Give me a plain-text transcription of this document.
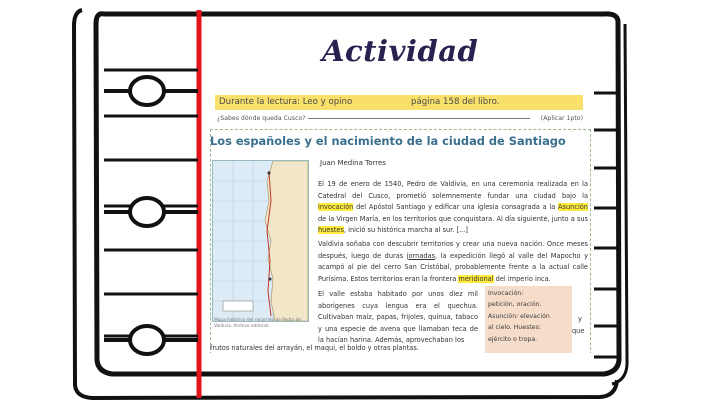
Actividad
Durante la lectura: Leo y opino	página 158 del libro.
¿Sabes dónde queda Cusco?	(Aplicar 1pto)
Los españoles y el nacimiento de la ciudad de Santiago
Mapa histórico del recorrido de Pedro de Valdivia. Archivo editorial.
Juan Medina Torres
El 19 de enero de 1540, Pedro de Valdivia, en una ceremonia realizada en la Catedral del Cusco, prometió solemnemente fundar una ciudad bajo la invocación del Apóstol Santiago y edificar una iglesia consagrada a la Asunción de la Virgen María, en los territorios que conquistara. Al día siguiente, junto a sus huestes, inició su histórica marcha al sur. [...]
Valdivia soñaba con descubrir territorios y crear una nueva nación. Once meses después, luego de duras jornadas, la expedición llegó al valle del Mapocho y acampó al pie del cerro San Cristóbal, probablemente frente a la actual calle Purísima. Estos territorios eran la frontera meridional del imperio inca.
El valle estaba habitado por unos diez mil aborígenes cuya lengua era el quechua. Cultivaban maíz, papas, frijoles, quinua, tabaco y una especie de avena que llamaban teca de la hacían harina. Además, aprovechaban los
Invocación:
petición, oración.
Asunción: elevación
al cielo. Huestes:
ejército o tropa.
y
que
frutos naturales del arrayán, el maqui, el boldo y otras plantas.
